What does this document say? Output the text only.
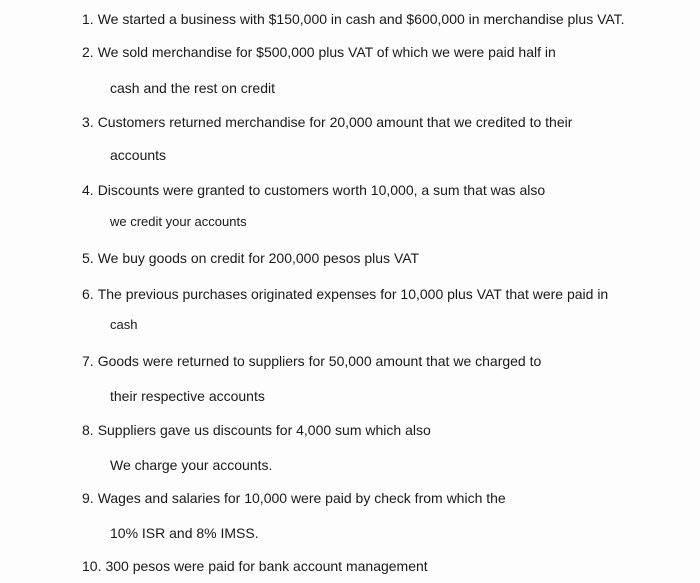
1. We started a business with $150,000 in cash and $600,000 in merchandise plus VAT.
2. We sold merchandise for $500,000 plus VAT of which we were paid half in
cash and the rest on credit
3. Customers returned merchandise for 20,000 amount that we credited to their
accounts
4. Discounts were granted to customers worth 10,000, a sum that was also
we credit your accounts
5. We buy goods on credit for 200,000 pesos plus VAT
6. The previous purchases originated expenses for 10,000 plus VAT that were paid in
cash
7. Goods were returned to suppliers for 50,000 amount that we charged to
their respective accounts
8. Suppliers gave us discounts for 4,000 sum which also
We charge your accounts.
9. Wages and salaries for 10,000 were paid by check from which the
10% ISR and 8% IMSS.
10. 300 pesos were paid for bank account management
